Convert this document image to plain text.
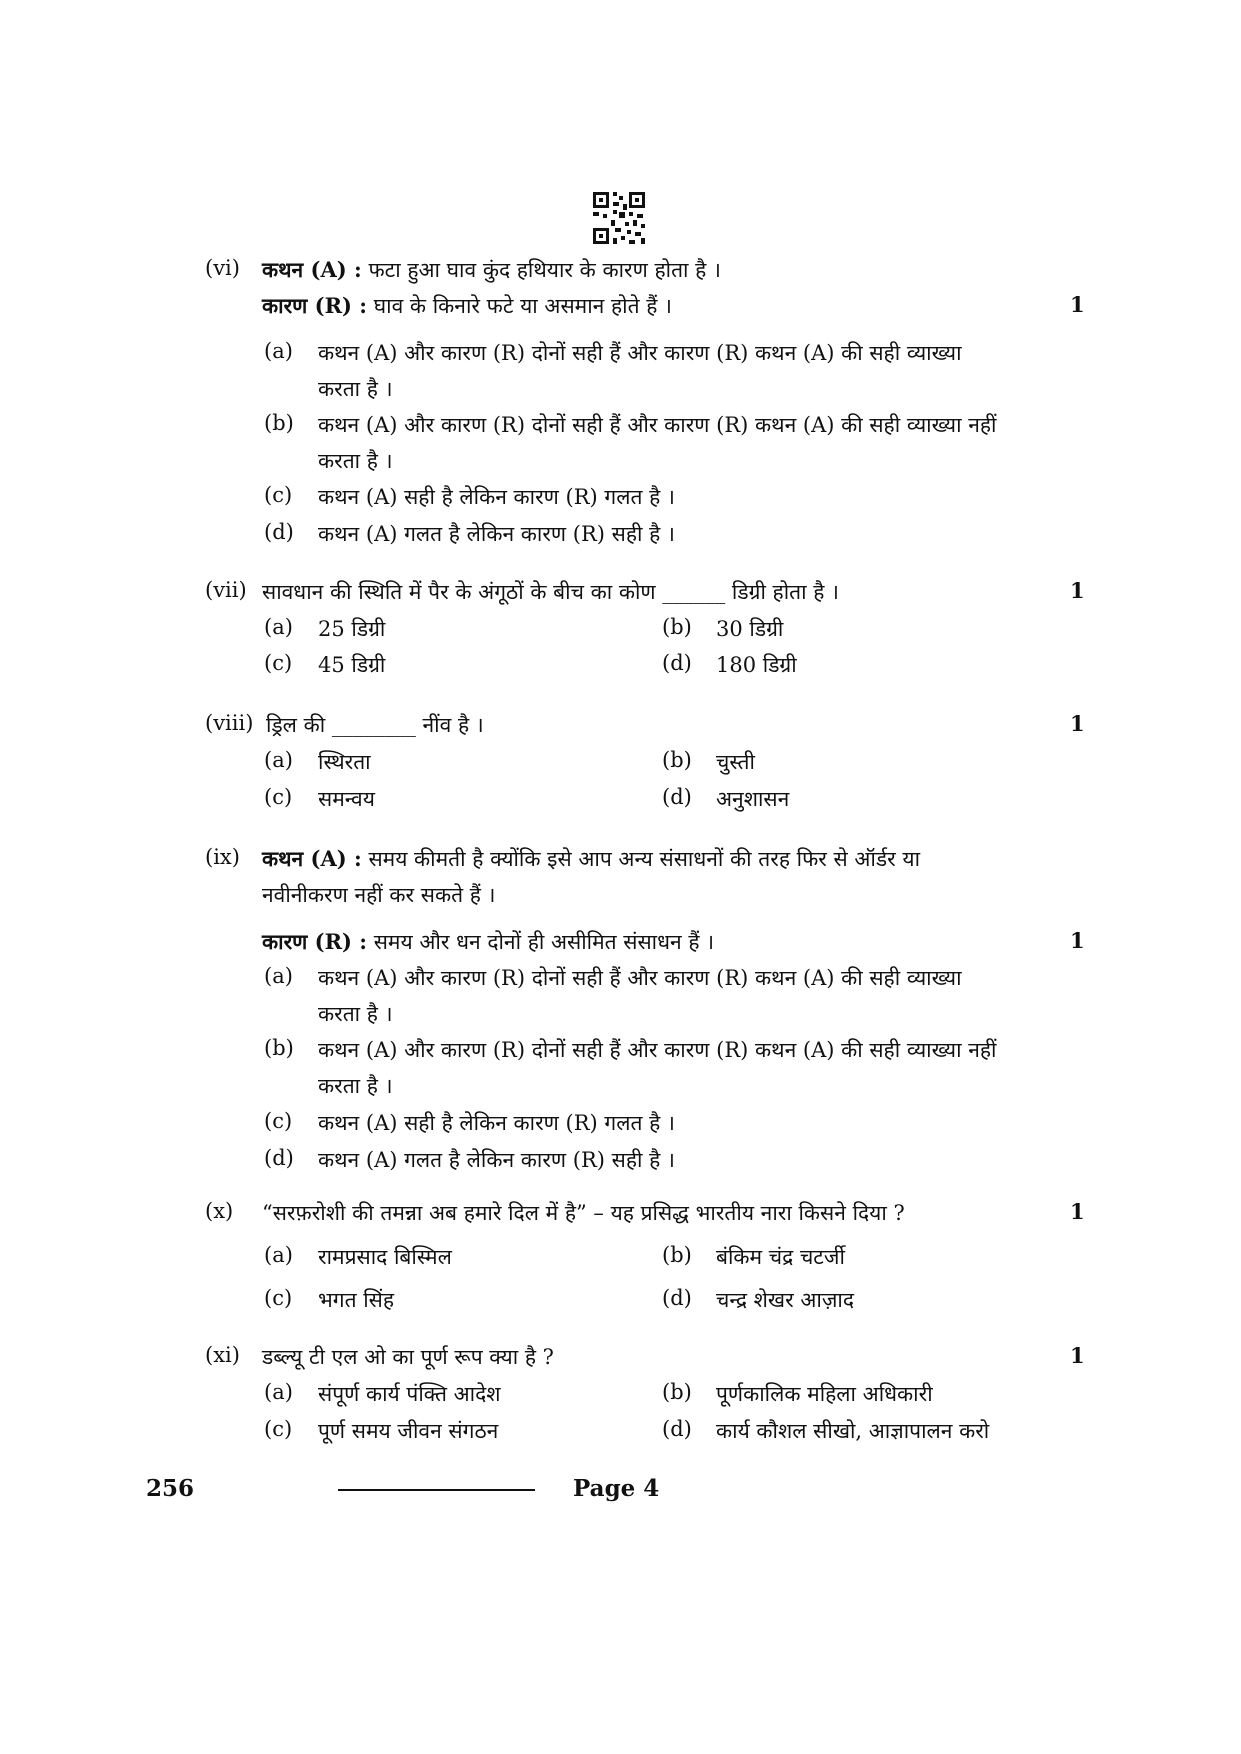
(vi) कथन (A) : फटा हुआ घाव कुंद हथियार के कारण होता है ।
कारण (R) : घाव के किनारे फटे या असमान होते हैं ।	1
(a) कथन (A) और कारण (R) दोनों सही हैं और कारण (R) कथन (A) की सही व्याख्या
करता है ।
(b) कथन (A) और कारण (R) दोनों सही हैं और कारण (R) कथन (A) की सही व्याख्या नहीं
करता है ।
(c) कथन (A) सही है लेकिन कारण (R) गलत है ।
(d) कथन (A) गलत है लेकिन कारण (R) सही है ।
(vii) सावधान की स्थिति में पैर के अंगूठों के बीच का कोण ______ डिग्री होता है ।	1
(a) 25 डिग्री	(b) 30 डिग्री
(c) 45 डिग्री	(d) 180 डिग्री
(viii) ड्रिल की ________ नींव है ।	1
(a) स्थिरता	(b) चुस्ती
(c) समन्वय	(d) अनुशासन
(ix) कथन (A) : समय कीमती है क्योंकि इसे आप अन्य संसाधनों की तरह फिर से ऑर्डर या
नवीनीकरण नहीं कर सकते हैं ।
कारण (R) : समय और धन दोनों ही असीमित संसाधन हैं ।	1
(a) कथन (A) और कारण (R) दोनों सही हैं और कारण (R) कथन (A) की सही व्याख्या
करता है ।
(b) कथन (A) और कारण (R) दोनों सही हैं और कारण (R) कथन (A) की सही व्याख्या नहीं
करता है ।
(c) कथन (A) सही है लेकिन कारण (R) गलत है ।
(d) कथन (A) गलत है लेकिन कारण (R) सही है ।
(x) “सरफ़रोशी की तमन्ना अब हमारे दिल में है” – यह प्रसिद्ध भारतीय नारा किसने दिया ?	1
(a) रामप्रसाद बिस्मिल	(b) बंकिम चंद्र चटर्जी
(c) भगत सिंह	(d) चन्द्र शेखर आज़ाद
(xi) डब्ल्यू टी एल ओ का पूर्ण रूप क्या है ?	1
(a) संपूर्ण कार्य पंक्ति आदेश	(b) पूर्णकालिक महिला अधिकारी
(c) पूर्ण समय जीवन संगठन	(d) कार्य कौशल सीखो, आज्ञापालन करो
256	Page 4
